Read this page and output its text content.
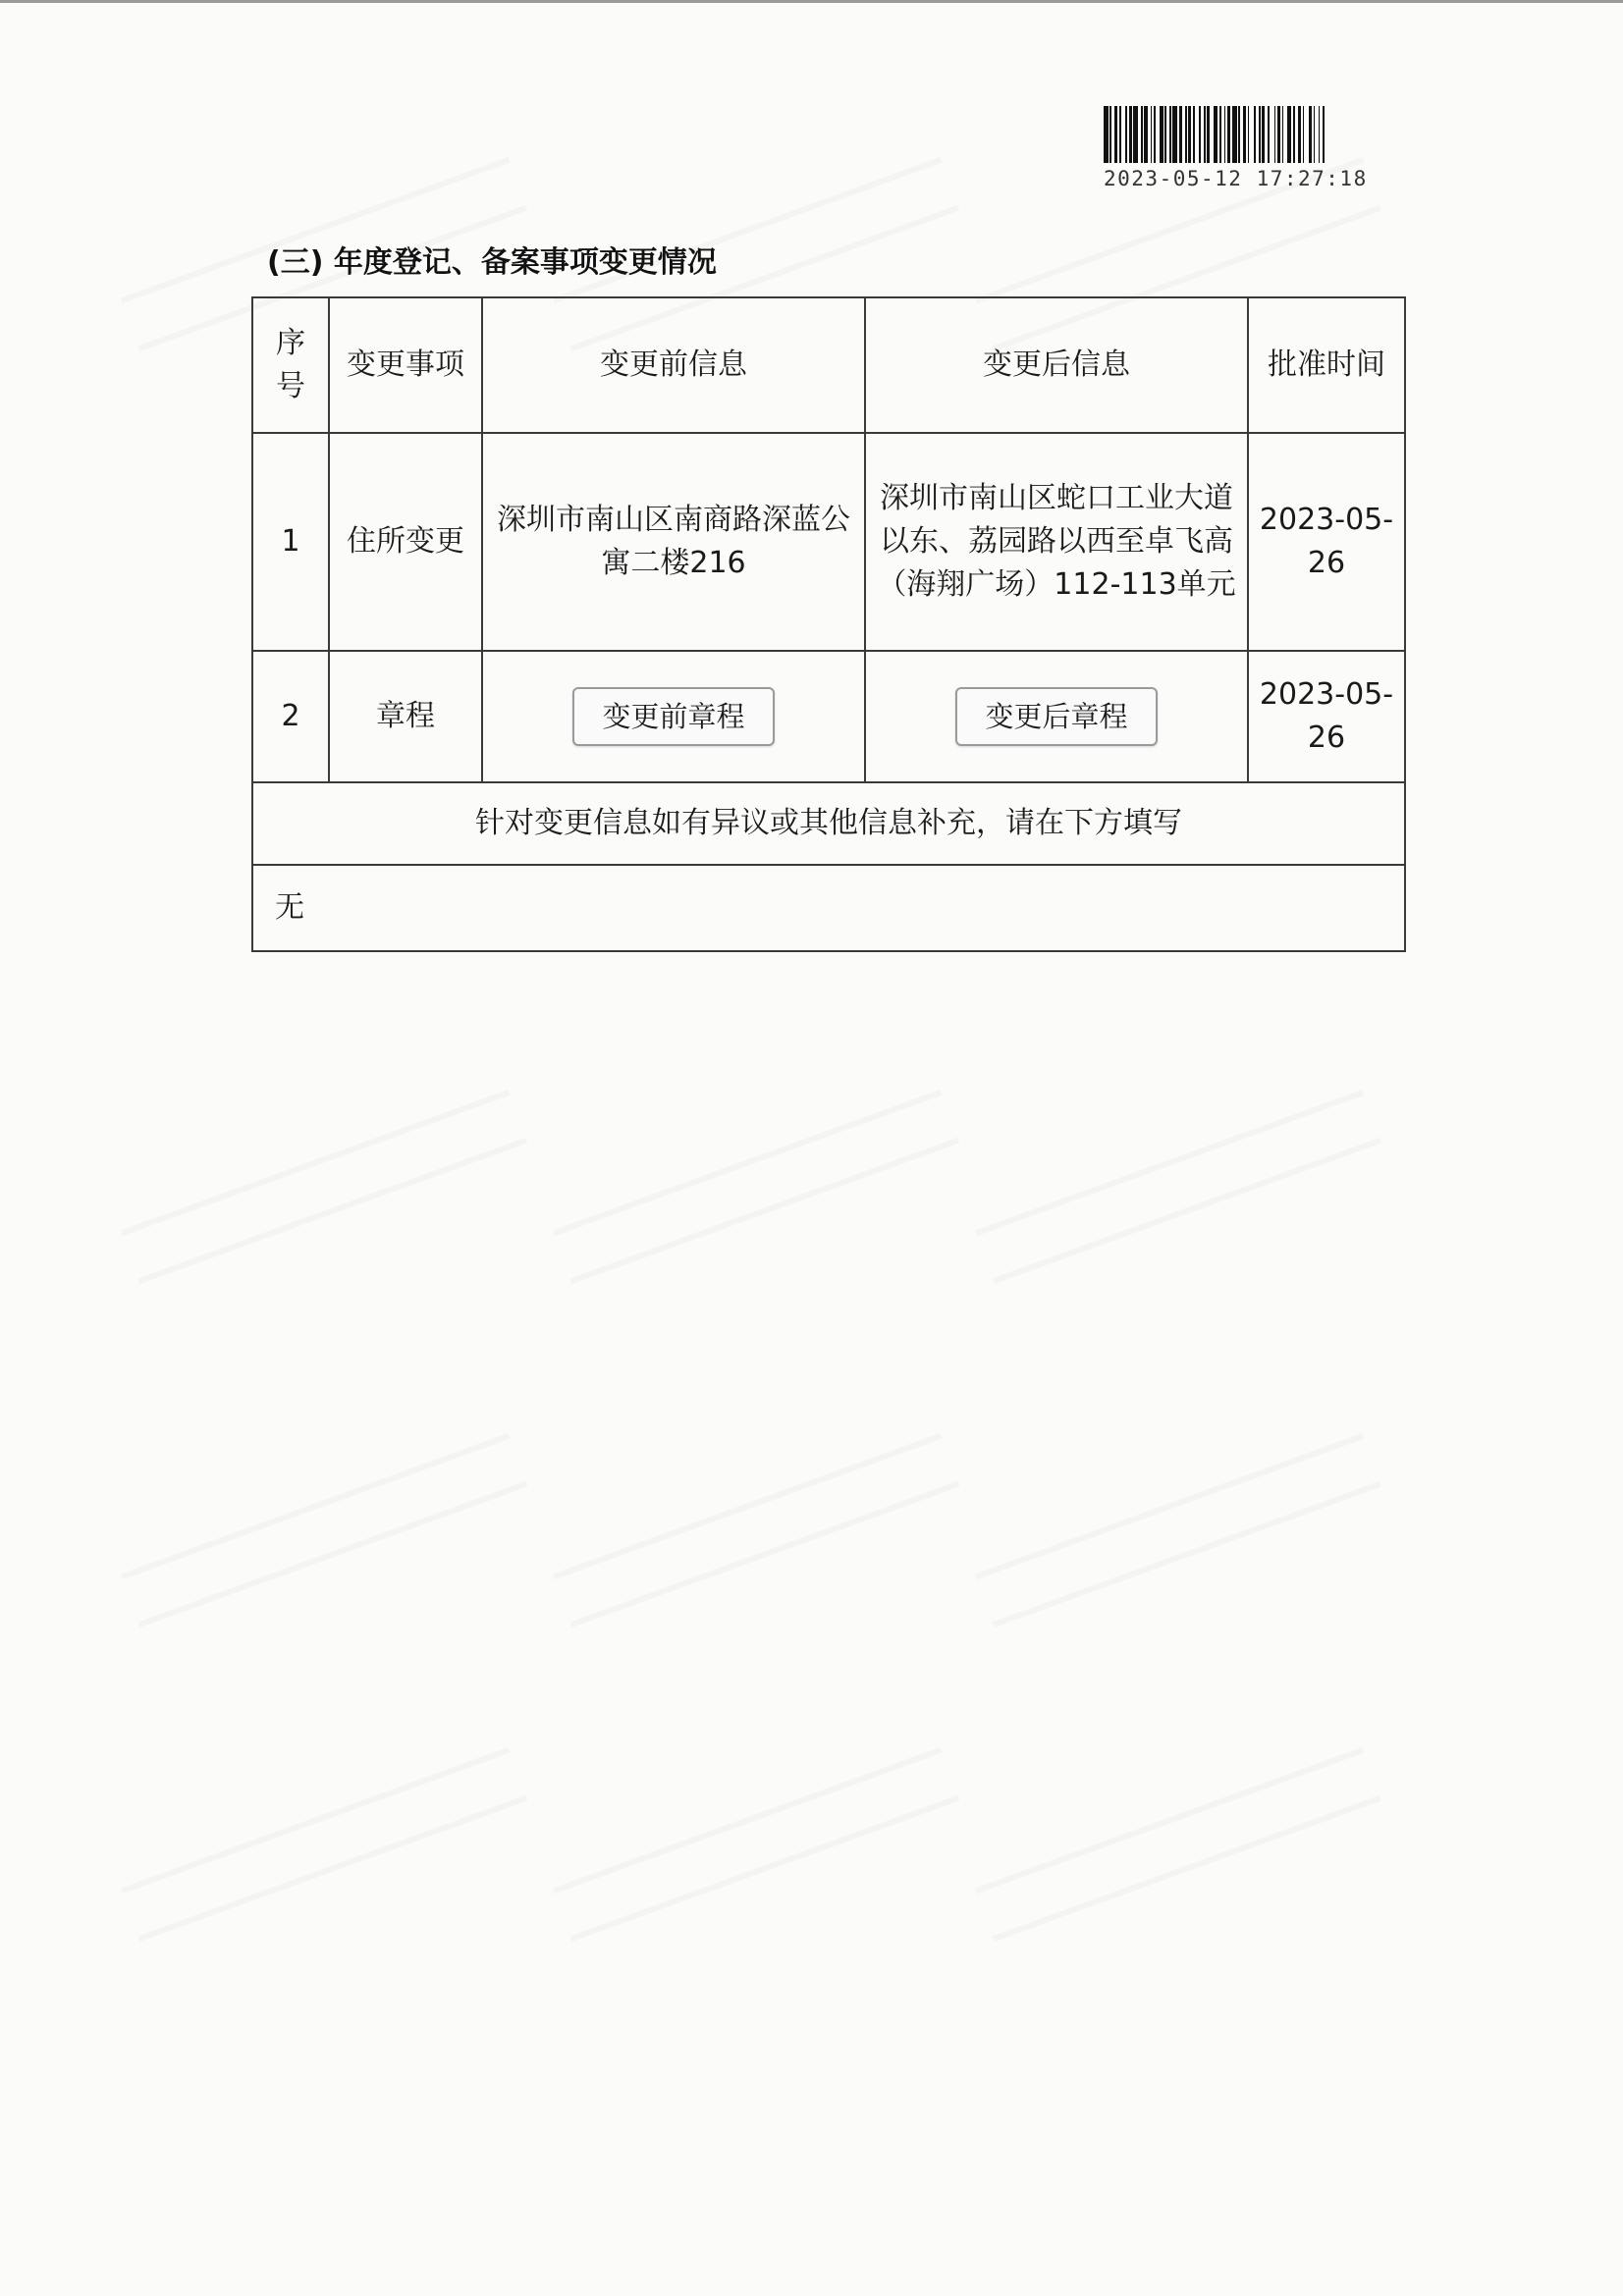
2023-05-12 17:27:18
(三) 年度登记、备案事项变更情况
序号	变更事项	变更前信息	变更后信息	批准时间
1	住所变更	深圳市南山区南商路深蓝公寓二楼216	深圳市南山区蛇口工业大道以东、荔园路以西至卓飞高（海翔广场）112-113单元	2023-05-26
2	章程	变更前章程	变更后章程	2023-05-26
针对变更信息如有异议或其他信息补充，请在下方填写				
无				
